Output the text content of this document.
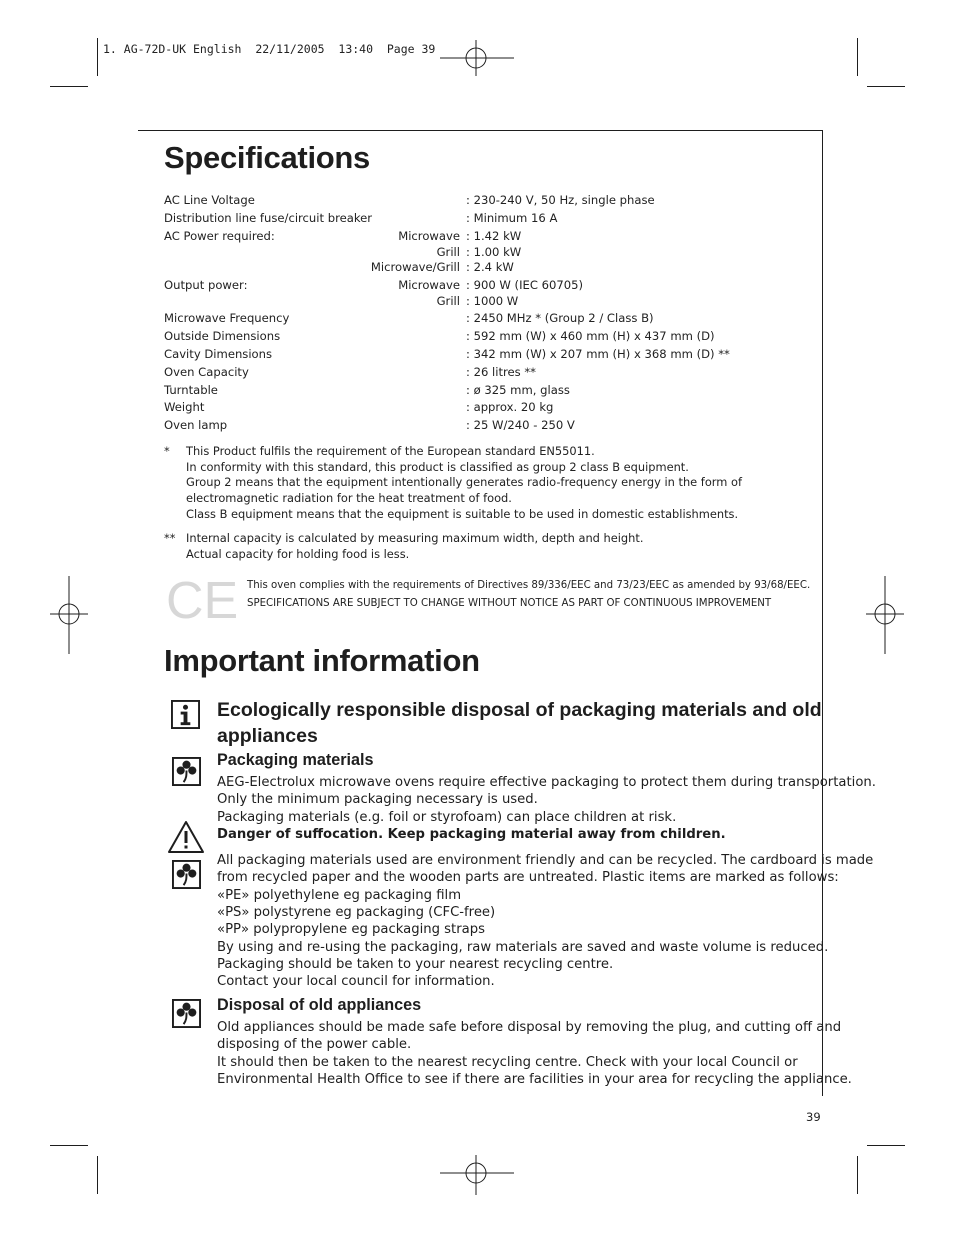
1. AG-72D-UK English  22/11/2005  13:40  Page 39
Specifications
AC Line Voltage	: 230-240 V, 50 Hz, single phase
Distribution line fuse/circuit breaker	: Minimum 16 A
AC Power required:	Microwave : 1.42 kW
Grill : 1.00 kW
Microwave/Grill : 2.4 kW
Output power:	Microwave : 900 W (IEC 60705)
Grill : 1000 W
Microwave Frequency	: 2450 MHz * (Group 2 / Class B)
Outside Dimensions	: 592 mm (W) x 460 mm (H) x 437 mm (D)
Cavity Dimensions	: 342 mm (W) x 207 mm (H) x 368 mm (D) **
Oven Capacity	: 26 litres **
Turntable	: ø 325 mm, glass
Weight	: approx. 20 kg
Oven lamp	: 25 W/240 - 250 V
* This Product fulfils the requirement of the European standard EN55011.
In conformity with this standard, this product is classified as group 2 class B equipment.
Group 2 means that the equipment intentionally generates radio-frequency energy in the form of
electromagnetic radiation for the heat treatment of food.
Class B equipment means that the equipment is suitable to be used in domestic establishments.
** Internal capacity is calculated by measuring maximum width, depth and height.
Actual capacity for holding food is less.
CE This oven complies with the requirements of Directives 89/336/EEC and 73/23/EEC as amended by 93/68/EEC.
SPECIFICATIONS ARE SUBJECT TO CHANGE WITHOUT NOTICE AS PART OF CONTINUOUS IMPROVEMENT
Important information
Ecologically responsible disposal of packaging materials and old
appliances
Packaging materials
AEG-Electrolux microwave ovens require effective packaging to protect them during transportation.
Only the minimum packaging necessary is used.
Packaging materials (e.g. foil or styrofoam) can place children at risk.
Danger of suffocation. Keep packaging material away from children.
All packaging materials used are environment friendly and can be recycled. The cardboard is made
from recycled paper and the wooden parts are untreated. Plastic items are marked as follows:
«PE» polyethylene eg packaging film
«PS» polystyrene eg packaging (CFC-free)
«PP» polypropylene eg packaging straps
By using and re-using the packaging, raw materials are saved and waste volume is reduced.
Packaging should be taken to your nearest recycling centre.
Contact your local council for information.
Disposal of old appliances
Old appliances should be made safe before disposal by removing the plug, and cutting off and
disposing of the power cable.
It should then be taken to the nearest recycling centre. Check with your local Council or
Environmental Health Office to see if there are facilities in your area for recycling the appliance.
39
